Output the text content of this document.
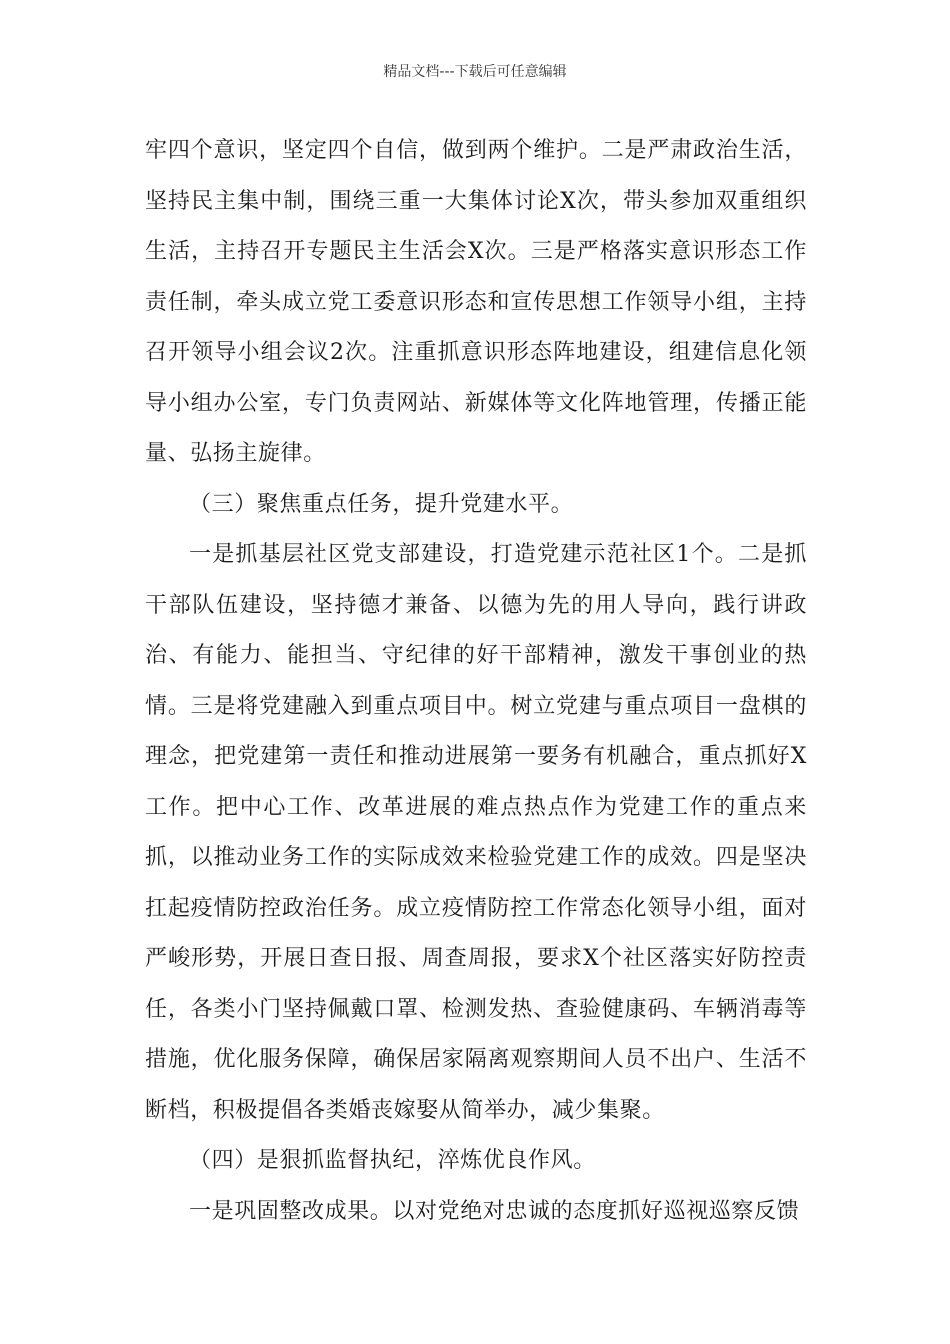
精品文档---下载后可任意编辑

牢四个意识，坚定四个自信，做到两个维护。二是严肃政治生活，坚持民主集中制，围绕三重一大集体讨论X次，带头参加双重组织生活，主持召开专题民主生活会X次。三是严格落实意识形态工作责任制，牵头成立党工委意识形态和宣传思想工作领导小组，主持召开领导小组会议2次。注重抓意识形态阵地建设，组建信息化领导小组办公室，专门负责网站、新媒体等文化阵地管理，传播正能量、弘扬主旋律。

（三）聚焦重点任务，提升党建水平。

一是抓基层社区党支部建设，打造党建示范社区1个。二是抓干部队伍建设，坚持德才兼备、以德为先的用人导向，践行讲政治、有能力、能担当、守纪律的好干部精神，激发干事创业的热情。三是将党建融入到重点项目中。树立党建与重点项目一盘棋的理念，把党建第一责任和推动进展第一要务有机融合，重点抓好X工作。把中心工作、改革进展的难点热点作为党建工作的重点来抓，以推动业务工作的实际成效来检验党建工作的成效。四是坚决扛起疫情防控政治任务。成立疫情防控工作常态化领导小组，面对严峻形势，开展日查日报、周查周报，要求X个社区落实好防控责任，各类小门坚持佩戴口罩、检测发热、查验健康码、车辆消毒等措施，优化服务保障，确保居家隔离观察期间人员不出户、生活不断档，积极提倡各类婚丧嫁娶从简举办，减少集聚。

（四）是狠抓监督执纪，淬炼优良作风。

一是巩固整改成果。以对党绝对忠诚的态度抓好巡视巡察反馈
